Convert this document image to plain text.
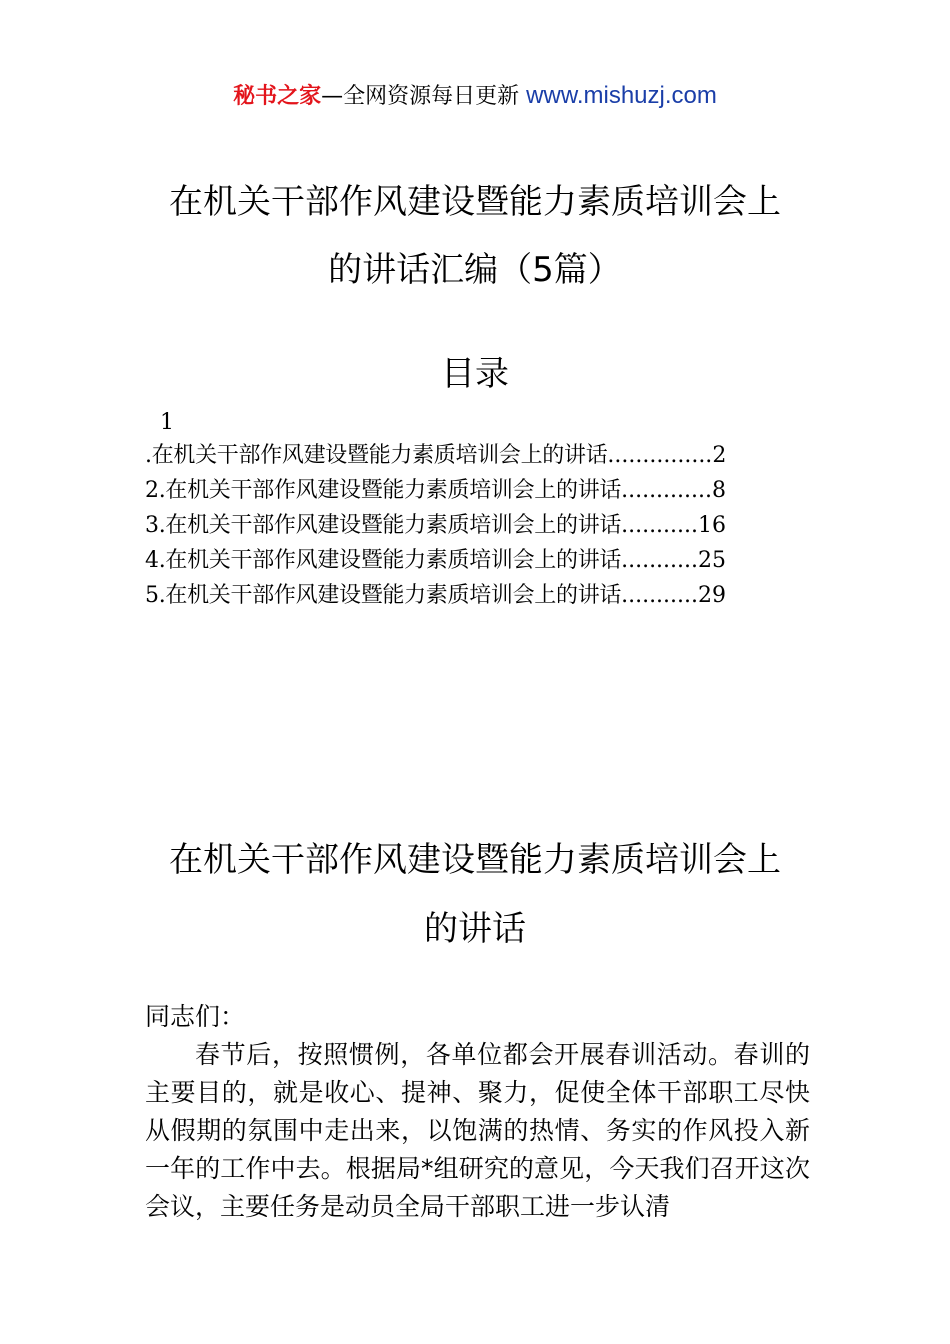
秘书之家—全网资源每日更新 www.mishuzj.com
在机关干部作风建设暨能力素质培训会上
的讲话汇编（5篇）
目录
1
.在机关干部作风建设暨能力素质培训会上的讲话 ............... 2
2.在机关干部作风建设暨能力素质培训会上的讲话 ............. 8
3.在机关干部作风建设暨能力素质培训会上的讲话 ........... 16
4.在机关干部作风建设暨能力素质培训会上的讲话 ........... 25
5.在机关干部作风建设暨能力素质培训会上的讲话 ........... 29
在机关干部作风建设暨能力素质培训会上
的讲话
同志们：
春节后，按照惯例，各单位都会开展春训活动。春训的主要目的，就是收心、提神、聚力，促使全体干部职工尽快从假期的氛围中走出来，以饱满的热情、务实的作风投入新一年的工作中去。根据局*组研究的意见，今天我们召开这次会议，主要任务是动员全局干部职工进一步认清
